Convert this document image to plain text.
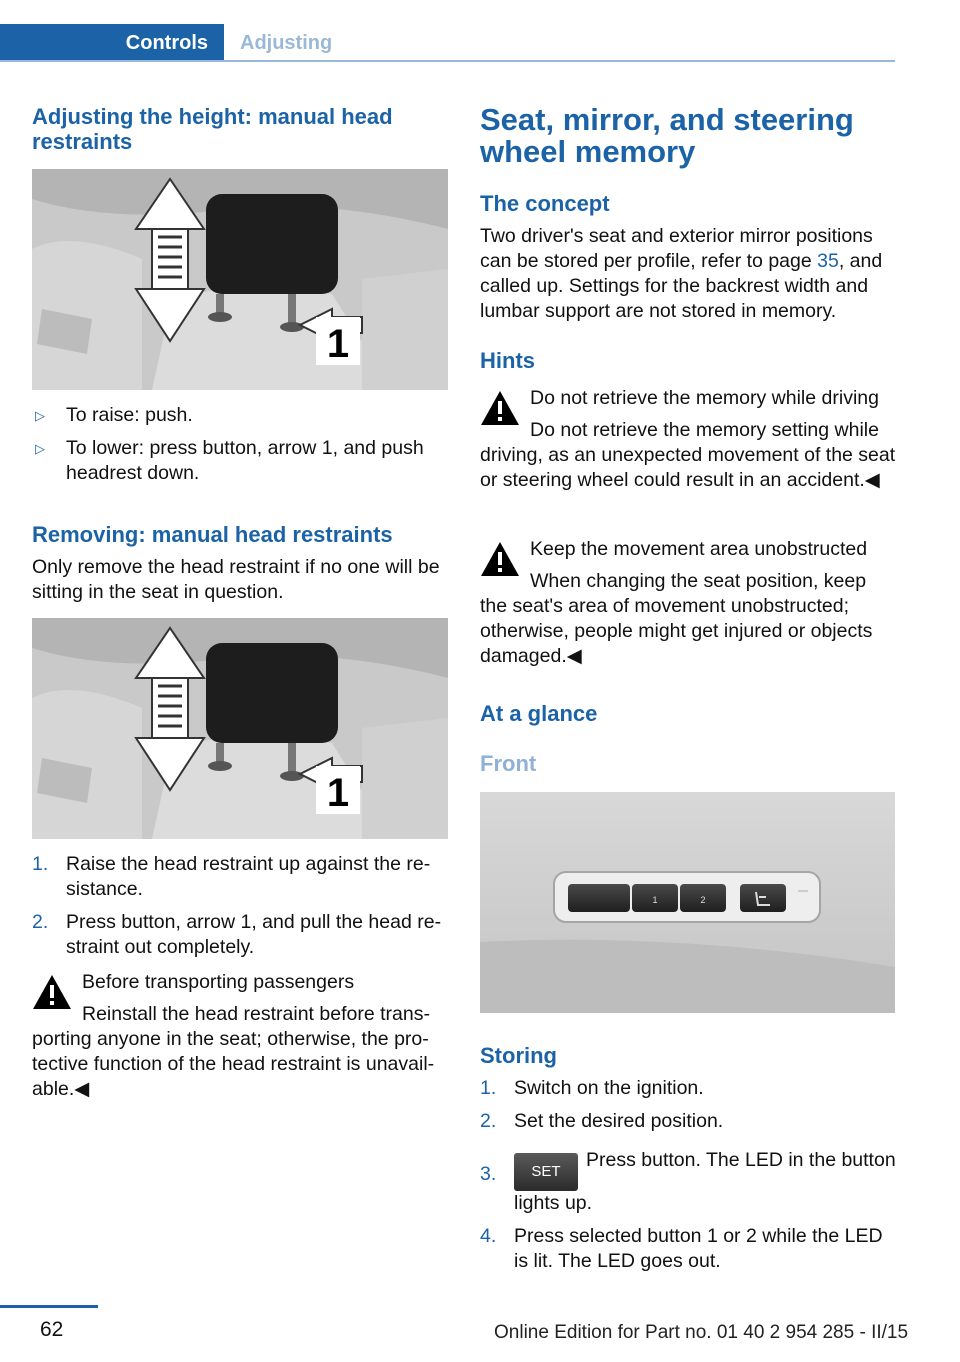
Controls	Adjusting
Adjusting the height: manual head restraints
1
▷ To raise: push.
▷ To lower: press button, arrow 1, and push headrest down.
Removing: manual head restraints
Only remove the head restraint if no one will be sitting in the seat in question.
1
1. Raise the head restraint up against the resistance.
2. Press button, arrow 1, and pull the head restraint out completely.
Before transporting passengers
Reinstall the head restraint before transporting anyone in the seat; otherwise, the protective function of the head restraint is unavailable.◀
Seat, mirror, and steering wheel memory
The concept
Two driver's seat and exterior mirror positions can be stored per profile, refer to page 35, and called up. Settings for the backrest width and lumbar support are not stored in memory.
Hints
Do not retrieve the memory while driving
Do not retrieve the memory setting while driving, as an unexpected movement of the seat or steering wheel could result in an accident.◀
Keep the movement area unobstructed
When changing the seat position, keep the seat's area of movement unobstructed; otherwise, people might get injured or objects damaged.◀
At a glance
Front
1	2
Storing
1. Switch on the ignition.
2. Set the desired position.
3. SETPress button. The LED in the button lights up.
4. Press selected button 1 or 2 while the LED is lit. The LED goes out.
62	Online Edition for Part no. 01 40 2 954 285 - II/15
